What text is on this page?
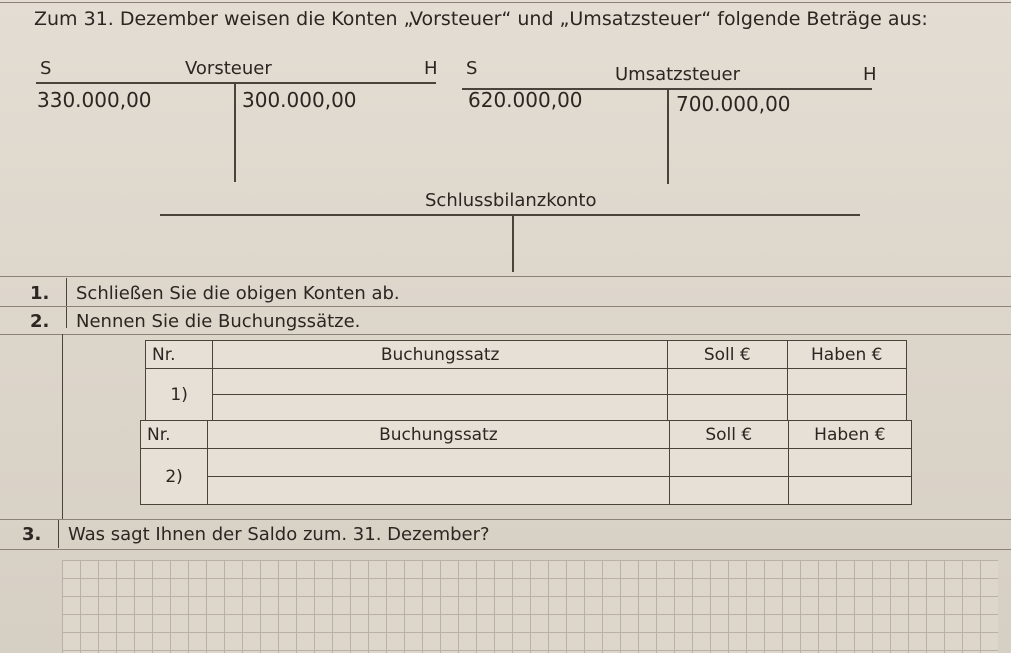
Zum 31. Dezember weisen die Konten „Vorsteuer“ und „Umsatzsteuer“ folgende Beträge aus:
S	Vorsteuer	H
330.000,00	300.000,00
S	Umsatzsteuer	H
620.000,00	700.000,00
Schlussbilanzkonto
1. Schließen Sie die obigen Konten ab.
2. Nennen Sie die Buchungssätze.
Nr.	Buchungssatz	Soll €	Haben €
1)			

Nr.	Buchungssatz	Soll €	Haben €
2)			

3. Was sagt Ihnen der Saldo zum. 31. Dezember?
